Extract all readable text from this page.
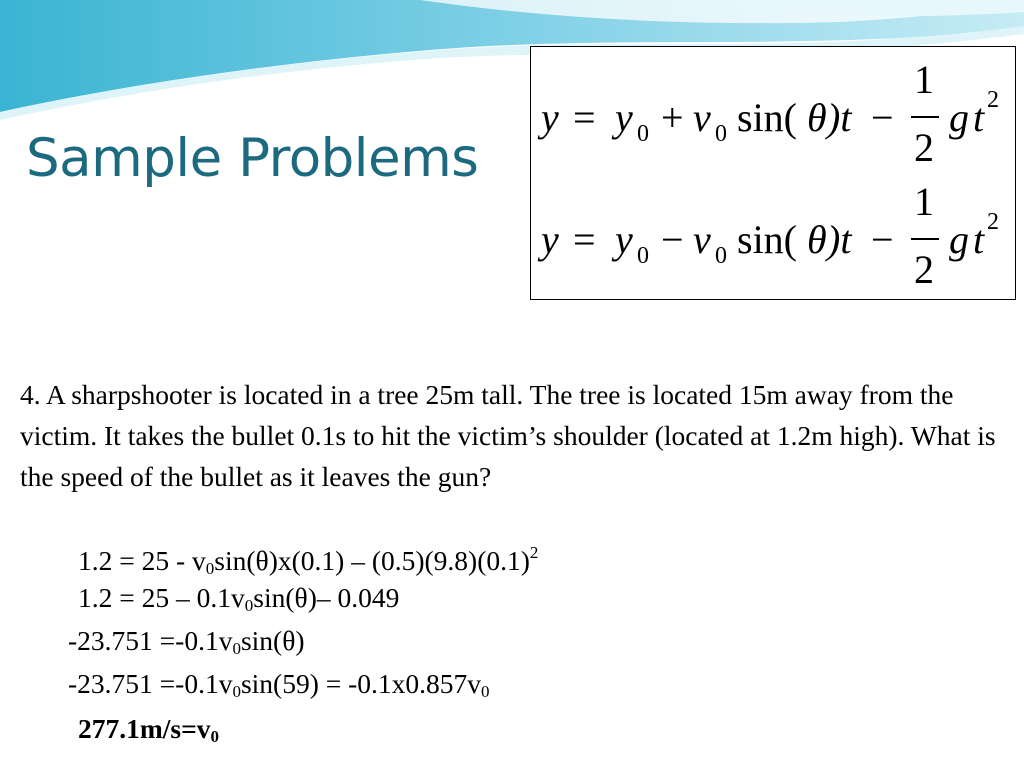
Sample Problems
y = y 0 + v 0 sin( θ )t −
1
2
g t 2
y = y 0 − v 0 sin( θ )t −
1
2
g t 2

4. A sharpshooter is located in a tree 25m tall. The tree is located 15m away from the victim. It takes the bullet 0.1s to hit the victim’s shoulder (located at 1.2m high). What is the speed of the bullet as it leaves the gun?

$1.2 = 25 - v_0\sin(\theta)x(0.1) - (0.5)(9.8)(0.1)^2$
$1.2 = 25 - 0.1v_0\sin(\theta)-$ 0.049
$-23.751 =-0.1v_0\sin(\theta)$
$-23.751 =-0.1v_0\sin(59) = -0.1x0.857v_0$
$277.1m/s=v_0$
